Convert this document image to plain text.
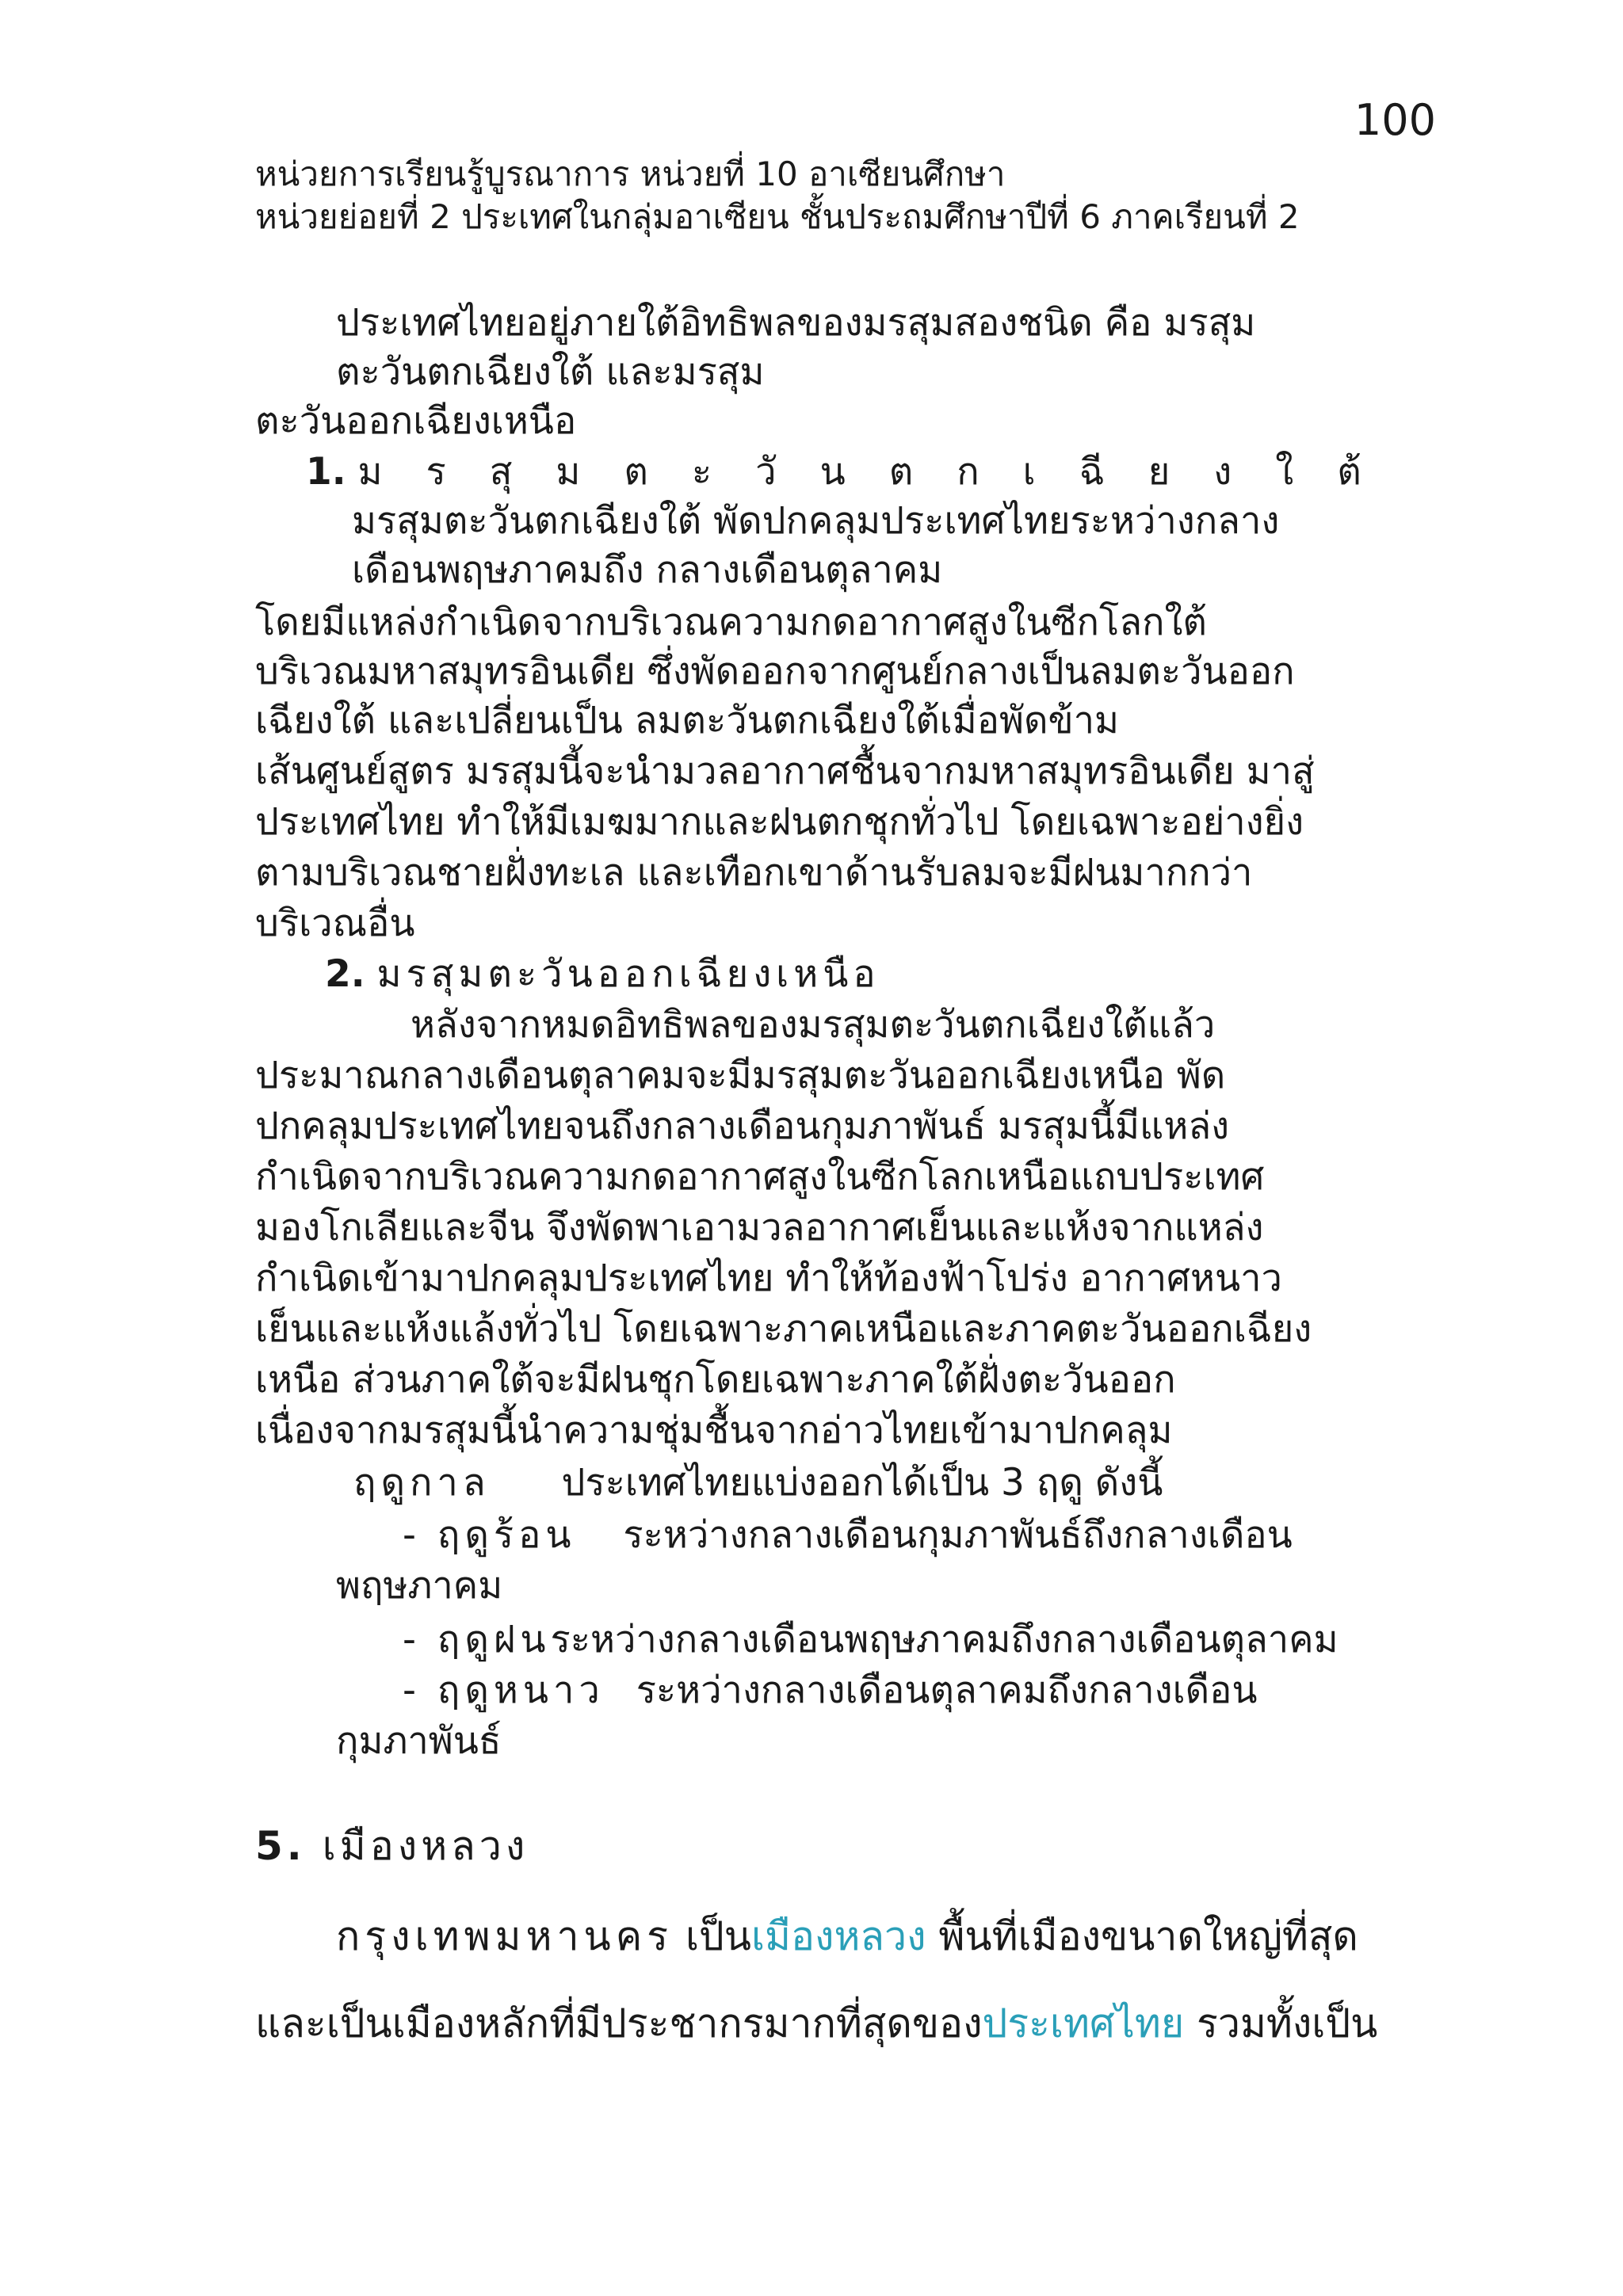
100
หน่วยการเรียนรู้บูรณาการ หน่วยที่ 10 อาเซียนศึกษา
หน่วยย่อยที่ 2 ประเทศในกลุ่มอาเซียน ชั้นประถมศึกษาปีที่ 6 ภาคเรียนที่ 2
ประเทศไทยอยู่ภายใต้อิทธิพลของมรสุมสองชนิด คือ มรสุม
ตะวันตกเฉียงใต้ และมรสุม
ตะวันออกเฉียงเหนือ
1. มรสุมตะวันตกเฉียงใต้
มรสุมตะวันตกเฉียงใต้ พัดปกคลุมประเทศไทยระหว่างกลาง
เดือนพฤษภาคมถึง กลางเดือนตุลาคม
โดยมีแหล่งกำเนิดจากบริเวณความกดอากาศสูงในซีกโลกใต้
บริเวณมหาสมุทรอินเดีย ซึ่งพัดออกจากศูนย์กลางเป็นลมตะวันออก
เฉียงใต้ และเปลี่ยนเป็น ลมตะวันตกเฉียงใต้เมื่อพัดข้าม
เส้นศูนย์สูตร มรสุมนี้จะนำมวลอากาศชื้นจากมหาสมุทรอินเดีย มาสู่
ประเทศไทย ทำให้มีเมฆมากและฝนตกชุกทั่วไป โดยเฉพาะอย่างยิ่ง
ตามบริเวณชายฝั่งทะเล และเทือกเขาด้านรับลมจะมีฝนมากกว่า
บริเวณอื่น
2. มรสุมตะวันออกเฉียงเหนือ
หลังจากหมดอิทธิพลของมรสุมตะวันตกเฉียงใต้แล้ว
ประมาณกลางเดือนตุลาคมจะมีมรสุมตะวันออกเฉียงเหนือ พัด
ปกคลุมประเทศไทยจนถึงกลางเดือนกุมภาพันธ์ มรสุมนี้มีแหล่ง
กำเนิดจากบริเวณความกดอากาศสูงในซีกโลกเหนือแถบประเทศ
มองโกเลียและจีน จึงพัดพาเอามวลอากาศเย็นและแห้งจากแหล่ง
กำเนิดเข้ามาปกคลุมประเทศไทย ทำให้ท้องฟ้าโปร่ง อากาศหนาว
เย็นและแห้งแล้งทั่วไป โดยเฉพาะภาคเหนือและภาคตะวันออกเฉียง
เหนือ ส่วนภาคใต้จะมีฝนชุกโดยเฉพาะภาคใต้ฝั่งตะวันออก
เนื่องจากมรสุมนี้นำความชุ่มชื้นจากอ่าวไทยเข้ามาปกคลุม
ฤดูกาล ประเทศไทยแบ่งออกได้เป็น 3 ฤดู ดังนี้
- ฤดูร้อน ระหว่างกลางเดือนกุมภาพันธ์ถึงกลางเดือน
พฤษภาคม
- ฤดูฝนระหว่างกลางเดือนพฤษภาคมถึงกลางเดือนตุลาคม
- ฤดูหนาว ระหว่างกลางเดือนตุลาคมถึงกลางเดือน
กุมภาพันธ์
5. เมืองหลวง
กรุงเทพมหานคร เป็นเมืองหลวง พื้นที่เมืองขนาดใหญ่ที่สุด
และเป็นเมืองหลักที่มีประชากรมากที่สุดของประเทศไทย รวมทั้งเป็น
